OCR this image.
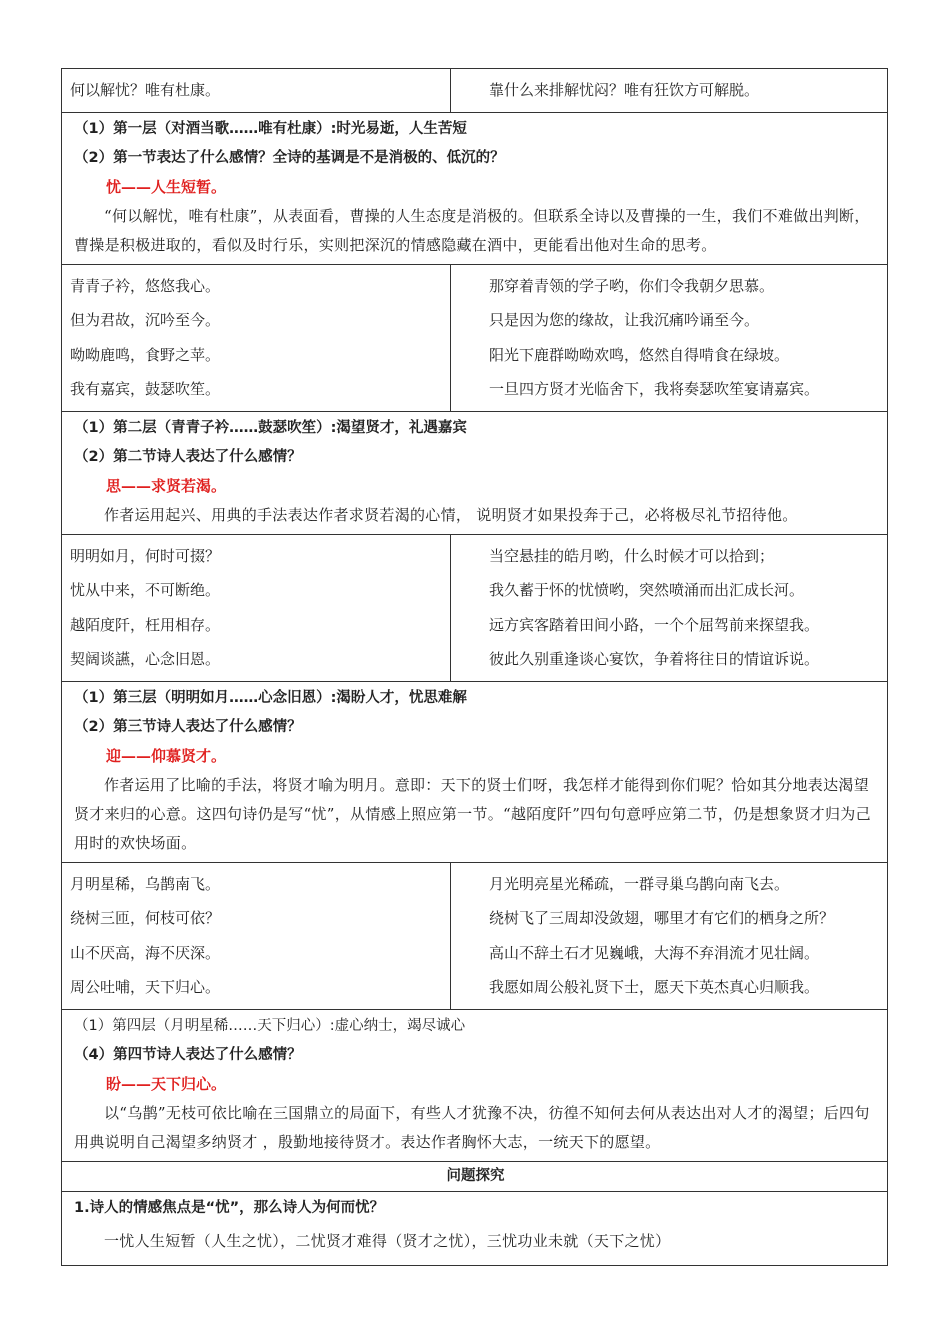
何以解忧？唯有杜康。	靠什么来排解忧闷？唯有狂饮方可解脱。

（1）第一层（对酒当歌……唯有杜康）:时光易逝，人生苦短

（2）第一节表达了什么感情？全诗的基调是不是消极的、低沉的？

忧——人生短暂。

“何以解忧，唯有杜康”，从表面看，曹操的人生态度是消极的。但联系全诗以及曹操的一生，我们不难做出判断，曹操是积极进取的，看似及时行乐，实则把深沉的情感隐藏在酒中，更能看出他对生命的思考。

青青子衿，悠悠我心。

但为君故，沉吟至今。

呦呦鹿鸣，食野之苹。

我有嘉宾，鼓瑟吹笙。

那穿着青领的学子哟，你们令我朝夕思慕。

只是因为您的缘故，让我沉痛吟诵至今。

阳光下鹿群呦呦欢鸣，悠然自得啃食在绿坡。

一旦四方贤才光临舍下，我将奏瑟吹笙宴请嘉宾。

（1）第二层（青青子衿……鼓瑟吹笙）:渴望贤才，礼遇嘉宾

（2）第二节诗人表达了什么感情？

思——求贤若渴。

作者运用起兴、用典的手法表达作者求贤若渴的心情， 说明贤才如果投奔于己，必将极尽礼节招待他。

明明如月，何时可掇？

忧从中来，不可断绝。

越陌度阡，枉用相存。

契阔谈讌，心念旧恩。

当空悬挂的皓月哟，什么时候才可以拾到；

我久蓄于怀的忧愤哟，突然喷涌而出汇成长河。

远方宾客踏着田间小路，一个个屈驾前来探望我。

彼此久别重逢谈心宴饮，争着将往日的情谊诉说。

（1）第三层（明明如月……心念旧恩）:渴盼人才，忧思难解

（2）第三节诗人表达了什么感情？

迎——仰慕贤才。

作者运用了比喻的手法，将贤才喻为明月。意即：天下的贤士们呀，我怎样才能得到你们呢？恰如其分地表达渴望贤才来归的心意。这四句诗仍是写“忧”，从情感上照应第一节。“越陌度阡”四句句意呼应第二节，仍是想象贤才归为己用时的欢快场面。

月明星稀，乌鹊南飞。

绕树三匝，何枝可依？

山不厌高，海不厌深。

周公吐哺，天下归心。

月光明亮星光稀疏，一群寻巢乌鹊向南飞去。

绕树飞了三周却没敛翅，哪里才有它们的栖身之所？

高山不辞土石才见巍峨，大海不弃涓流才见壮阔。

我愿如周公般礼贤下士，愿天下英杰真心归顺我。

（1）第四层（月明星稀……天下归心）:虚心纳士，竭尽诚心

（4）第四节诗人表达了什么感情？

盼——天下归心。

以“乌鹊”无枝可依比喻在三国鼎立的局面下，有些人才犹豫不决，彷徨不知何去何从表达出对人才的渴望；后四句用典说明自己渴望多纳贤才 ，殷勤地接待贤才。表达作者胸怀大志，一统天下的愿望。

问题探究

1.诗人的情感焦点是“忧”，那么诗人为何而忧？

一忧人生短暂（人生之忧），二忧贤才难得（贤才之忧），三忧功业未就（天下之忧）
